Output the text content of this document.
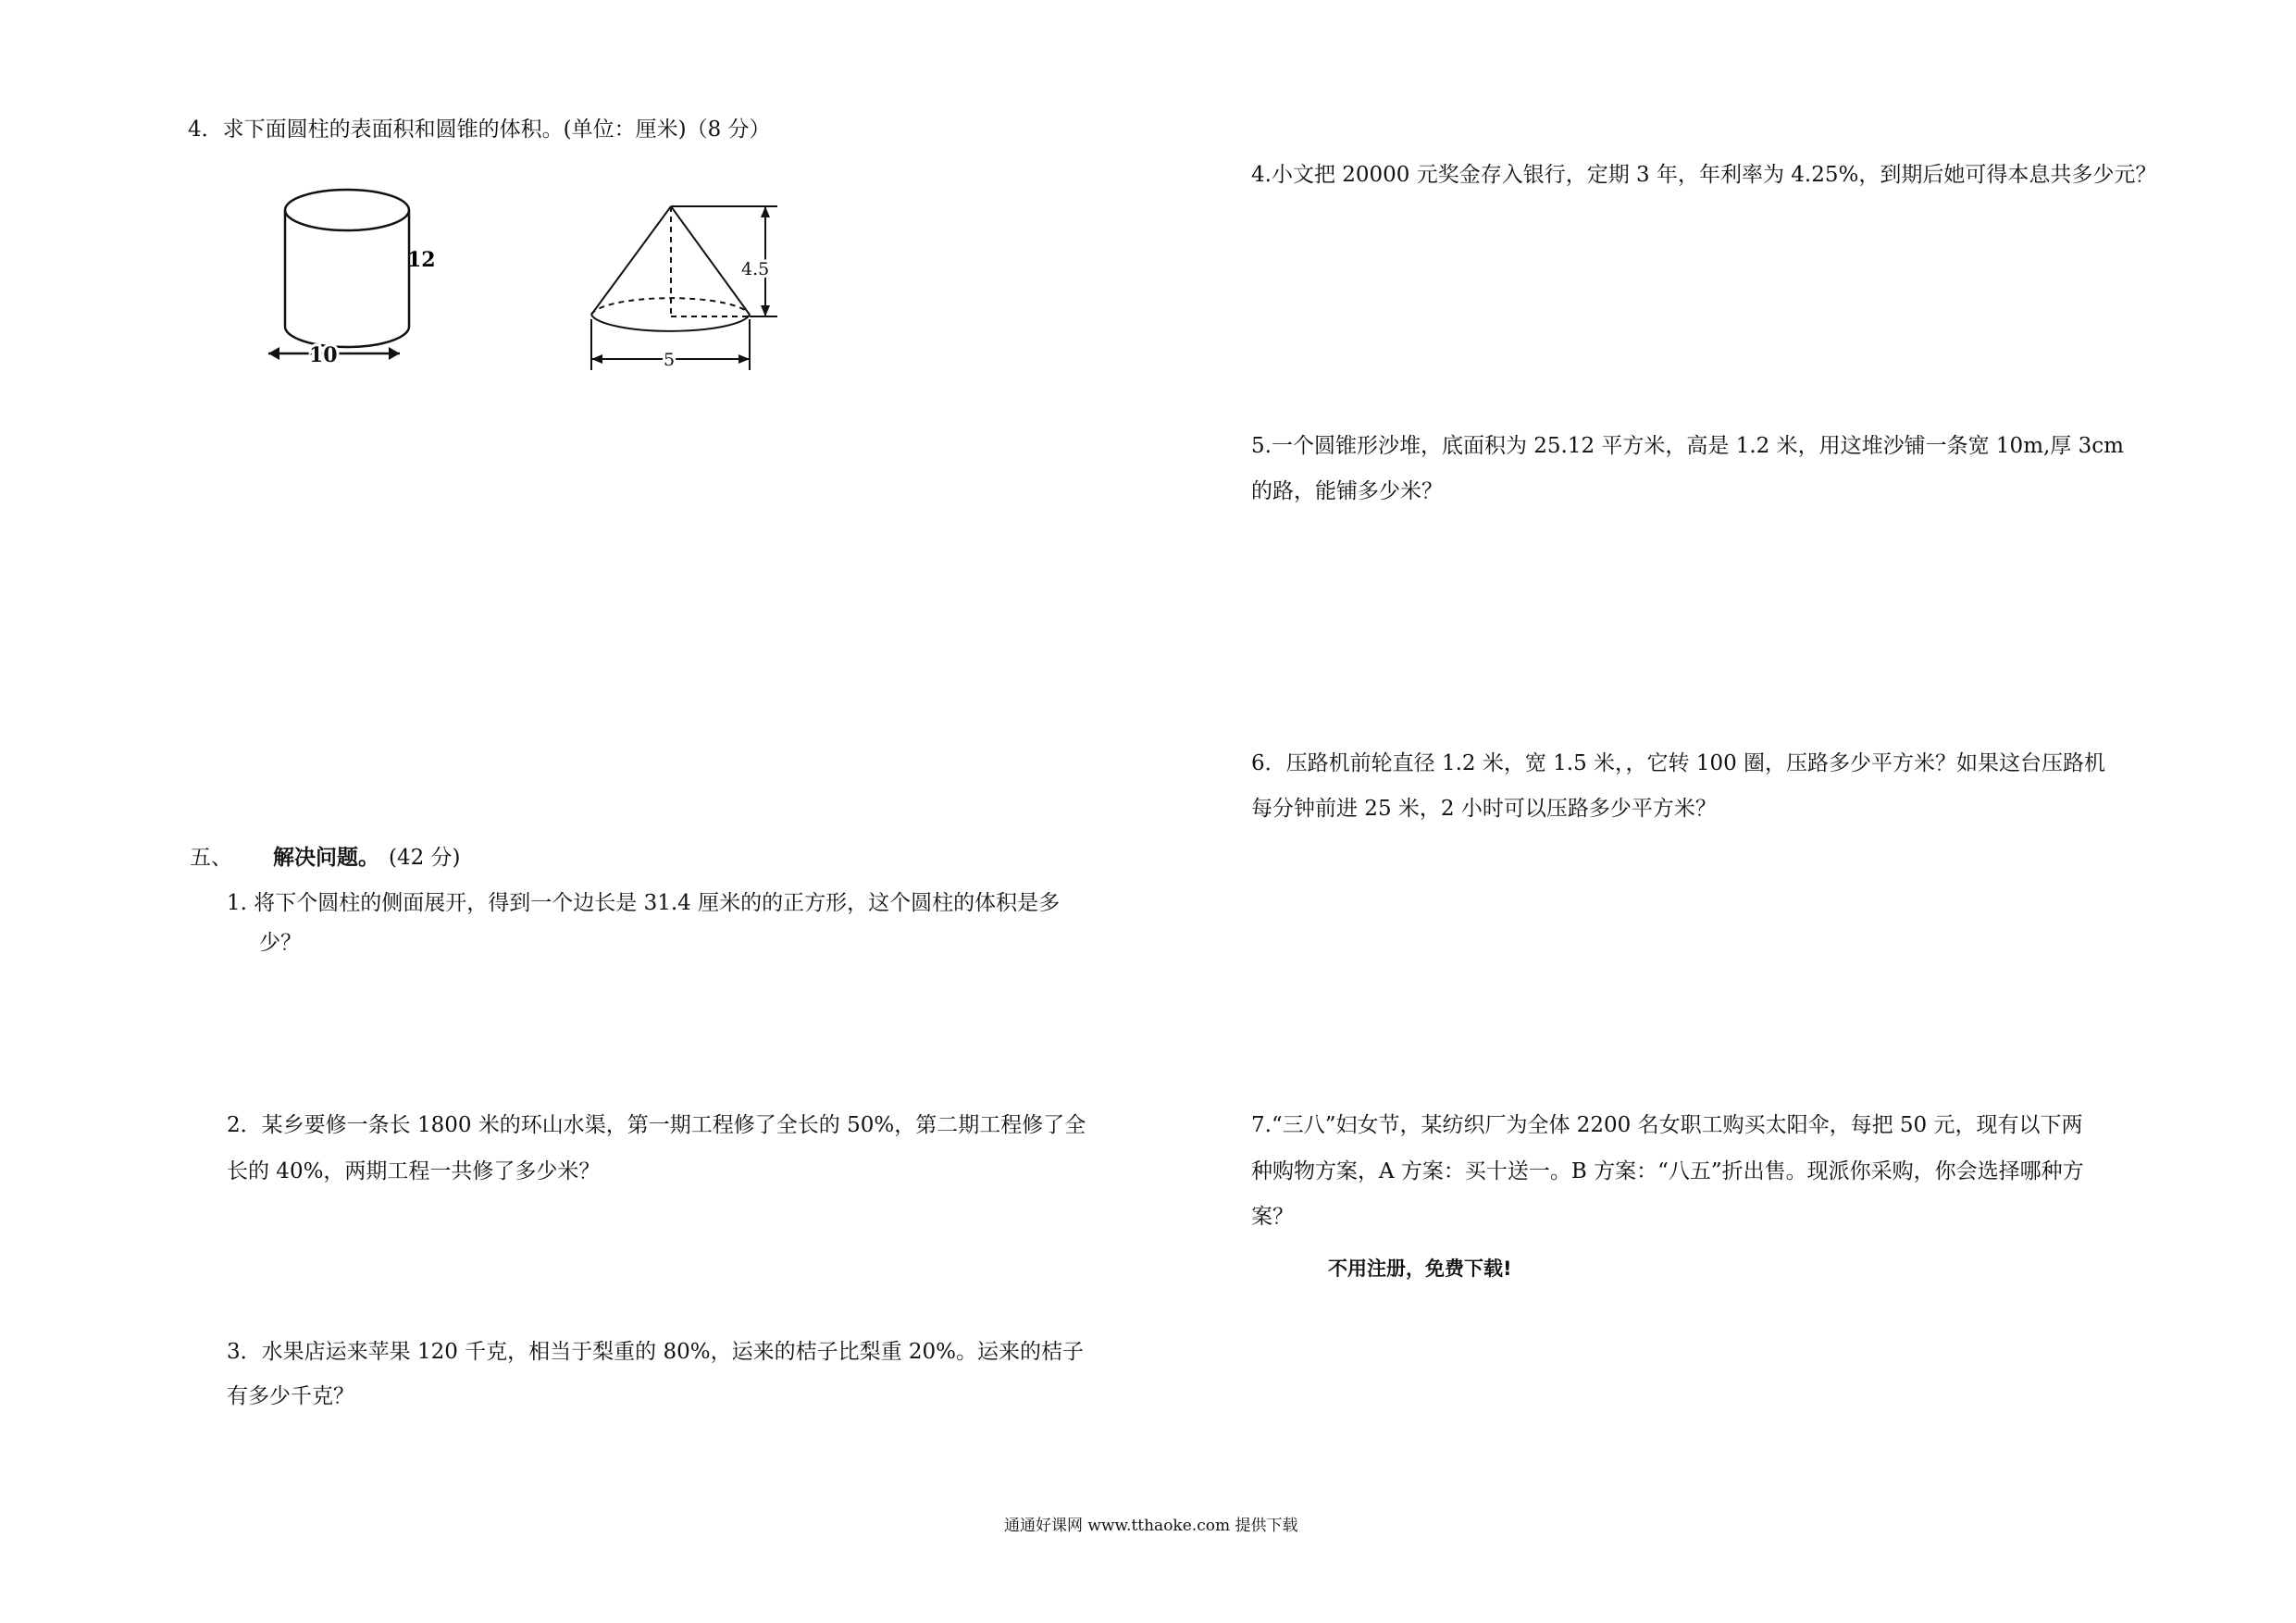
4．求下面圆柱的表面积和圆锥的体积。(单位：厘米)（8 分）
12
10
4.5
5
五、 解决问题。 (42 分)
1. 将下个圆柱的侧面展开，得到一个边长是 31.4 厘米的的正方形，这个圆柱的体积是多
少？
2．某乡要修一条长 1800 米的环山水渠，第一期工程修了全长的 50%，第二期工程修了全
长的 40%，两期工程一共修了多少米？
3．水果店运来苹果 120 千克，相当于梨重的 80%，运来的桔子比梨重 20%。运来的桔子
有多少千克？
4.小文把 20000 元奖金存入银行，定期 3 年，年利率为 4.25%，到期后她可得本息共多少元？
5.一个圆锥形沙堆，底面积为 25.12 平方米，高是 1.2 米，用这堆沙铺一条宽 10m,厚 3cm
的路，能铺多少米？
6．压路机前轮直径 1.2 米，宽 1.5 米，，它转 100 圈，压路多少平方米？如果这台压路机
每分钟前进 25 米，2 小时可以压路多少平方米？
7.“三八”妇女节，某纺织厂为全体 2200 名女职工购买太阳伞，每把 50 元，现有以下两
种购物方案，A 方案：买十送一。B 方案：“八五”折出售。现派你采购，你会选择哪种方
案？
不用注册，免费下载!
通通好课网 www.tthaoke.com 提供下载
